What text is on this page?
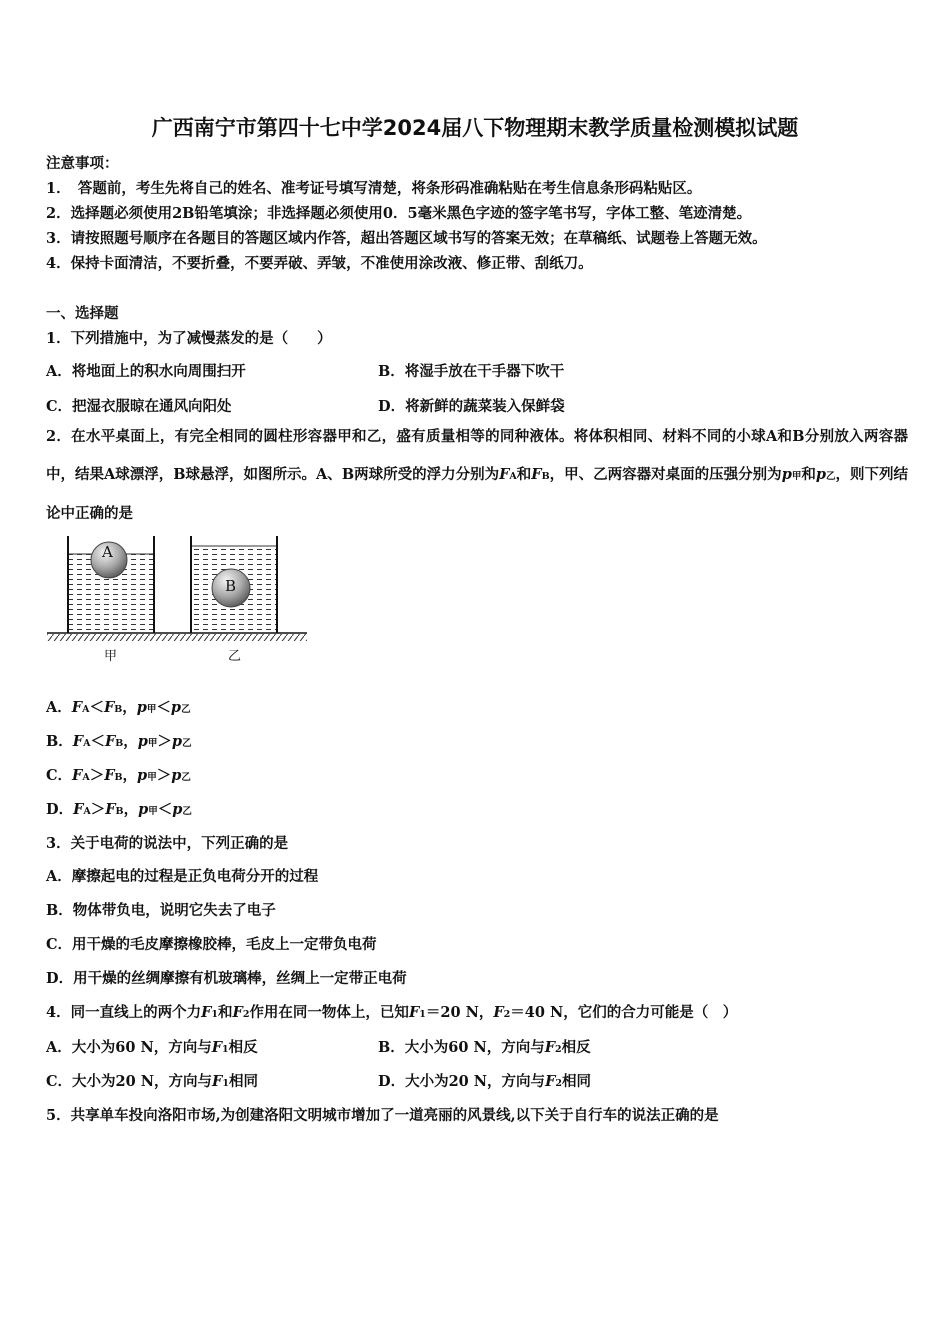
广西南宁市第四十七中学2024届八下物理期末教学质量检测模拟试题
注意事项：
1．　答题前，考生先将自己的姓名、准考证号填写清楚，将条形码准确粘贴在考生信息条形码粘贴区。
2．选择题必须使用2B铅笔填涂；非选择题必须使用0．5毫米黑色字迹的签字笔书写，字体工整、笔迹清楚。
3．请按照题号顺序在各题目的答题区域内作答，超出答题区域书写的答案无效；在草稿纸、试题卷上答题无效。
4．保持卡面清洁，不要折叠，不要弄破、弄皱，不准使用涂改液、修正带、刮纸刀。
一、选择题
1．下列措施中，为了减慢蒸发的是（　　）
A．将地面上的积水向周围扫开	B．将湿手放在干手器下吹干
C．把湿衣服晾在通风向阳处	D．将新鲜的蔬菜装入保鲜袋
2．在水平桌面上，有完全相同的圆柱形容器甲和乙，盛有质量相等的同种液体。将体积相同、材料不同的小球A和B分别放入两容器中，结果A球漂浮，B球悬浮，如图所示。A、B两球所受的浮力分别为FA和FB，甲、乙两容器对桌面的压强分别为p甲和p乙，则下列结论中正确的是
A
B
甲	乙
A．FA＜FB，p甲＜p乙
B．FA＜FB，p甲＞p乙
C．FA＞FB，p甲＞p乙
D．FA＞FB，p甲＜p乙
3．关于电荷的说法中，下列正确的是
A．摩擦起电的过程是正负电荷分开的过程
B．物体带负电，说明它失去了电子
C．用干燥的毛皮摩擦橡胶棒，毛皮上一定带负电荷
D．用干燥的丝绸摩擦有机玻璃棒，丝绸上一定带正电荷
4．同一直线上的两个力F1和F2作用在同一物体上，已知F1＝20 N，F2＝40 N，它们的合力可能是（　）
A．大小为60 N，方向与F1相反	B．大小为60 N，方向与F2相反
C．大小为20 N，方向与F1相同	D．大小为20 N，方向与F2相同
5．共享单车投向洛阳市场,为创建洛阳文明城市增加了一道亮丽的风景线,以下关于自行车的说法正确的是
